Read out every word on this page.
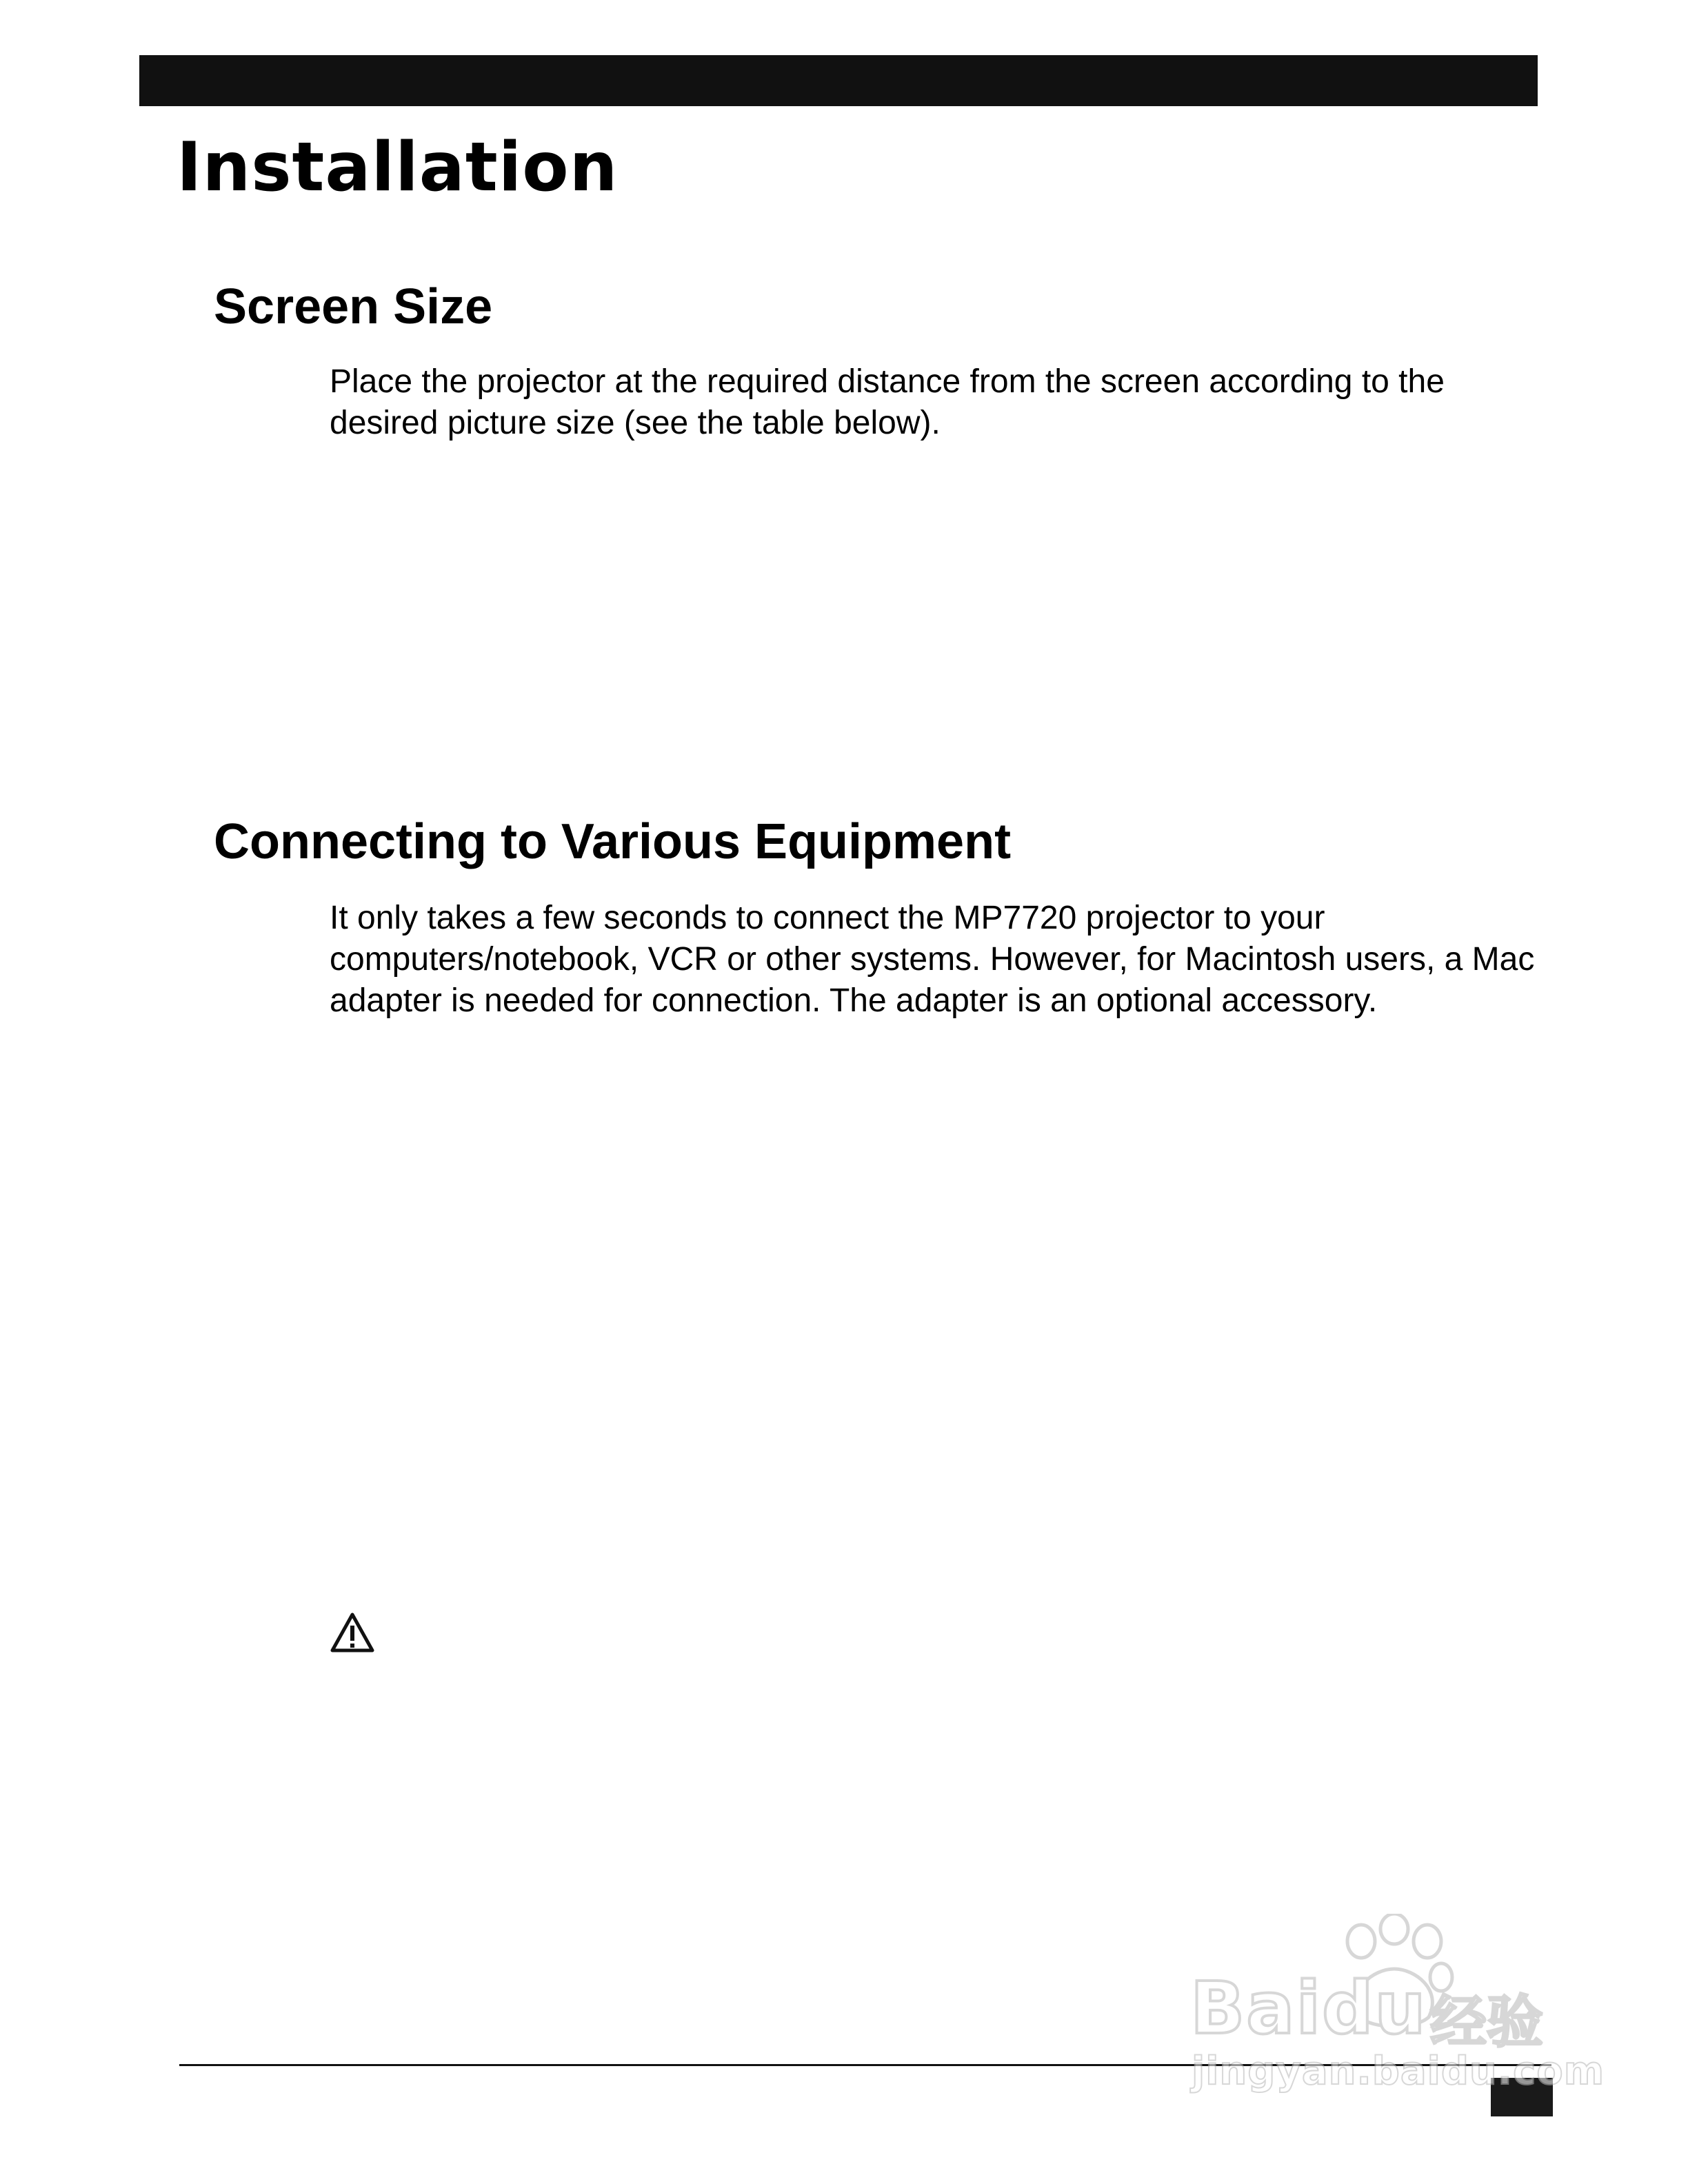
Installation
Screen Size

Place the projector at the required distance from the screen according to the desired picture size (see the table below).

Connecting to Various Equipment

It only takes a few seconds to connect the MP7720 projector to your computers/notebook, VCR or other systems. However, for Macintosh users, a Mac adapter is needed for connection. The adapter is an optional accessory.

Baidu 经验
jingyan.baidu.com
